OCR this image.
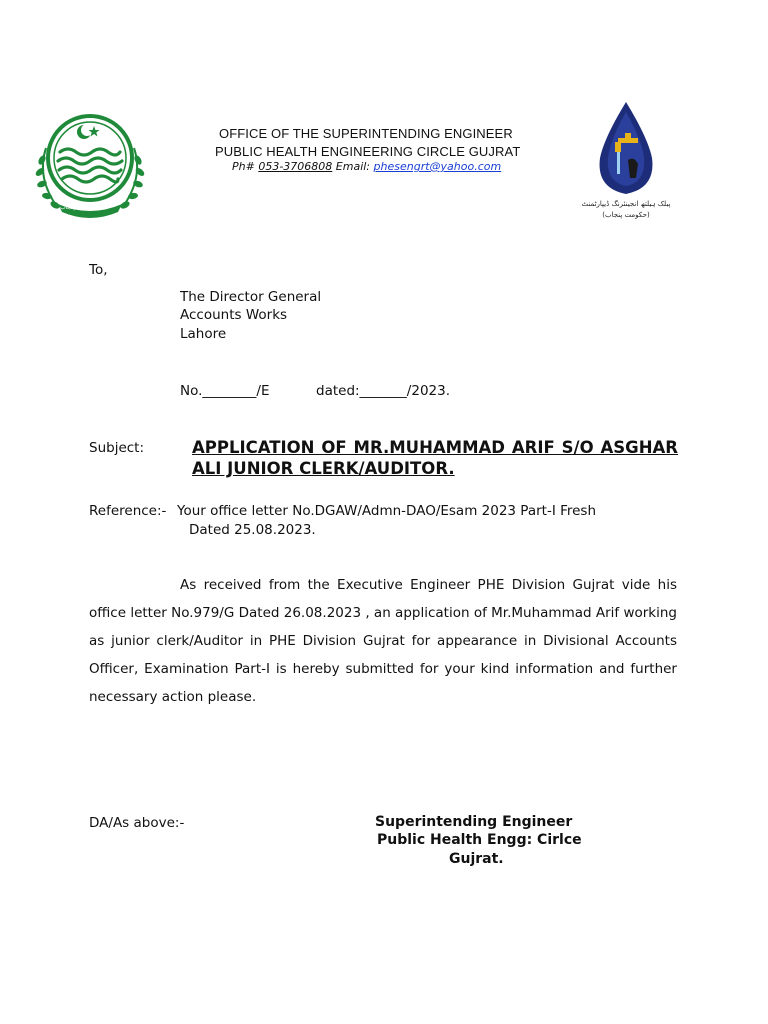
پبلک ہیلتھ انجینئرنگ ڈیپارٹمنٹ
(حکومت پنجاب)
OFFICE OF THE SUPERINTENDING ENGINEER
PUBLIC HEALTH ENGINEERING CIRCLE GUJRAT
Ph# 053-3706808 Email: phesengrt@yahoo.com
To,
The Director General
Accounts Works
Lahore
No.________/E	dated:_______/2023.
Subject:	APPLICATION OF MR.MUHAMMAD ARIF S/O ASGHAR
ALI JUNIOR CLERK/AUDITOR.
Reference:- Your office letter No.DGAW/Admn-DAO/Esam 2023 Part-I Fresh
Dated 25.08.2023.
As received from the Executive Engineer PHE Division Gujrat vide his
office letter No.979/G Dated 26.08.2023 , an application of Mr.Muhammad Arif working
as junior clerk/Auditor in PHE Division Gujrat for appearance in Divisional Accounts
Officer, Examination Part-I is hereby submitted for your kind information and further
necessary action please.
DA/As above:-	Superintending Engineer
Public Health Engg: Cirlce
Gujrat.
حکومت پنجاب
